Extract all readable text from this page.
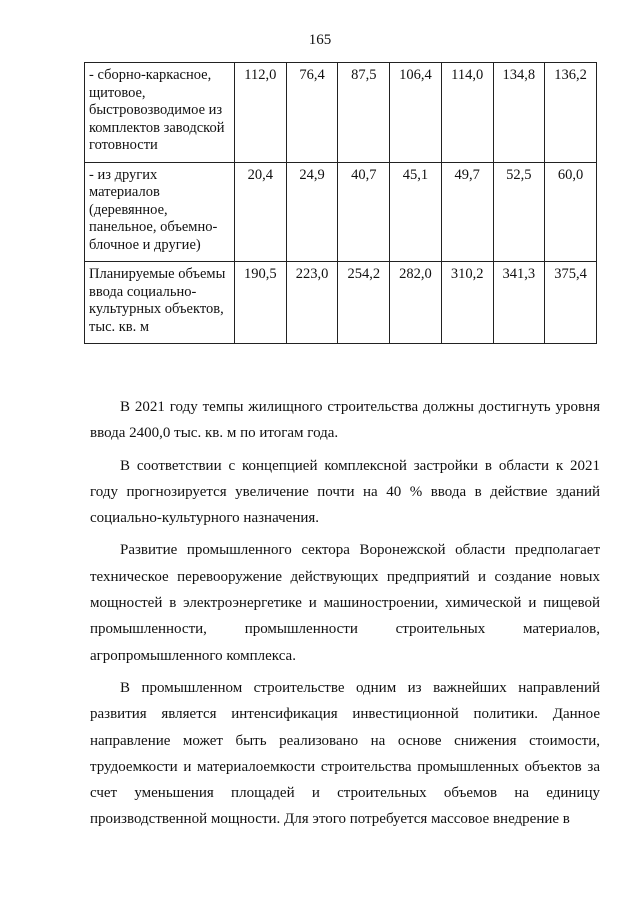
165
- сборно-каркасное, щитовое, быстровозводимое из комплектов заводской готовности	112,0	76,4	87,5	106,4	114,0	134,8	136,2
- из других материалов (деревянное, панельное, объемно-блочное и другие)	20,4	24,9	40,7	45,1	49,7	52,5	60,0
Планируемые объемы ввода социально-культурных объектов, тыс. кв. м	190,5	223,0	254,2	282,0	310,2	341,3	375,4

В 2021 году темпы жилищного строительства должны достигнуть уровня ввода 2400,0 тыс. кв. м по итогам года.

В соответствии с концепцией комплексной застройки в области к 2021 году прогнозируется увеличение почти на 40 % ввода в действие зданий социально-культурного назначения.

Развитие промышленного сектора Воронежской области предполагает техническое перевооружение действующих предприятий и создание новых мощностей в электроэнергетике и машиностроении, химической и пищевой промышленности, промышленности строительных материалов, агропромышленного комплекса.

В промышленном строительстве одним из важнейших направлений развития является интенсификация инвестиционной политики. Данное направление может быть реализовано на основе снижения стоимости, трудоемкости и материалоемкости строительства промышленных объектов за счет уменьшения площадей и строительных объемов на единицу производственной мощности. Для этого потребуется массовое внедрение в
